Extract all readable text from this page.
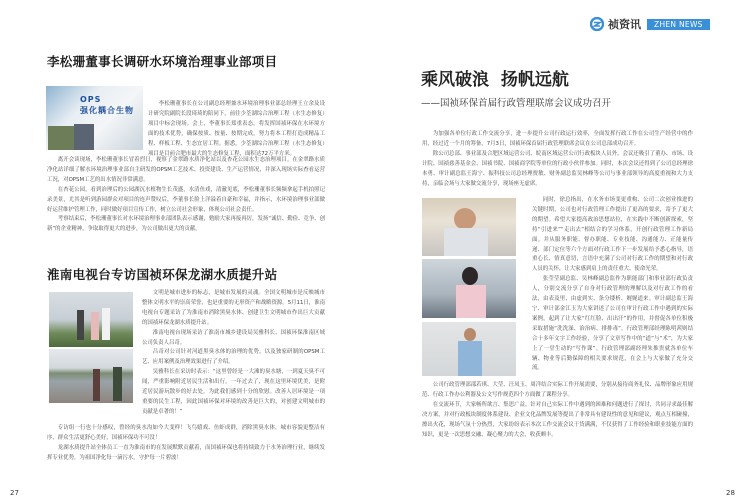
李松珊董事长调研水环境治理事业部项目
OPS 强化耦合生物

李松珊董事长在公司副总经理兼水环境治理事业部总经理王立余及设计研究院副院长段琦琦的陪同下，前往少荃湖综合治理工程（水生态修复）项目中标会现场。会上，李董事长郑重表态，将发挥国祯环保在水环境方面的技术优势，确保按质、按量、按期完成，努力将本工程打造成精品工程、样板工程、生态宜居工程。据悉，少荃湖综合治理工程（水生态修复）项目是目前合肥市最大的生态修复工程，面积达72万平方米。

离开会谈现场，李松珊董事长冒着烈日，视察了金翠路水质净化站以及杏花公园水生态治理项目。在金翠路水质净化站详细了解水环境治理事业部自主研发的OPSM工艺技术、投资建设、生产运营情况，并深入现场实际查看运营工况，对OPSM工艺的出水情况非常满意。

在杏花公园，看到治理后的公园湖沉水植物生长茂盛，水清鱼戏，清澈见底，李松珊董事长频频拿起手机拍照记录美景，尤其是听到游园群众对项目的连声赞叹后，李董事长脸上洋溢着自豪和幸福，并指示，水环境治理事业部做好运营维护管理工作，同时做好项目宣传工作，树立公司社会形象，体现公司社会责任。

考察结束后，李松珊董事长对水环境治理事业部团队表示感谢，勉励大家再接再厉，发扬“诚信、勤俭、竞争、创新”的企业精神，争取取得更大的进步，为公司做出更大的贡献。

淮南电视台专访国祯环保龙湖水质提升站

文明是城市进步的标志，是城市发展的灵魂。全国文明城市是反映城市整体文明水平的崇高荣誉，也是重要的无形资产和战略资源。5月11日，淮南电视台专题采访了为淮南市消除黑臭水体、创建卫生文明城市作出巨大贡献的国祯环保龙湖水质提升站。

淮南电视台现场采访了淮南市城乡建设局吴雅科长、国祯环保淮南区域公司负责人吕奇。

吕奇对公司针对河道黑臭水体的治理的优势，以及独家研制的OPSM工艺、应用案例及治理效果进行了介绍。

吴雅科长在采访时表示：“这里曾经是一大滩的臭水塘，一到夏天臭不可闻，严重影响附近居民生活和出行。一年过去了，现在这里环境优美，是附近居民游玩散步的好去处。为此我们感到十分的欣慰。改善人居环境是一项重要的民生工程，因此国祯环保对环境的改善是巨大的，对创建文明城市的贡献是卓著的！”

专访组一行也十分感叹，曾经的臭水沟如今大变样！飞鸟嬉戏、鱼虾成群，消除黑臭水体，城市容貌更整洁有序，群众生活更舒心美好，国祯环保功不可没！

龙湖水质提升站全体员工一直为淮南市的在发展默默贡献着，而国祯环保也将持续致力于水务治理行业，继续发挥专业优势，为祖国净化每一滴污水，守护每一片碧波！

27
祯资讯	ZHEN NEWS
乘风破浪  扬帆远航
——国祯环保首届行政管理联席会议成功召开

为加强各单位行政工作交流分享，进一步提升公司行政运行效率，全面发挥行政工作在公司生产经营中的作用，经过近一个月的筹备，7月3日，国祯环保首届行政管理联席会议在公司总部成功召开。

除公司总部、事业部及合肥区域运营公司、皖南区域运营公司行政板块人员外，会议还吸引了董办、市场、设计院、国祯慈善基金会、国祯书院、国祯商学院等单位的行政小伙伴参加。同时，本次会议还得到了公司总经理徐本勇、审计副总监王海宁、振科技公司总经理贾敏、财务副总监吴林峰等公司与事业部领导的高度重视和大力支持，亲临会场与大家做交流分享，现场座无虚席。

同时，徐总指出，在水务市场变更重构、公司二次创业推进的关键时期，公司也对行政管理工作提出了更高的要求，寄予了更大的期望。希望大家提高政治思想站位，在实践中不断创新探索，坚持“引进来”“走出去”相结合的学习体系，开创行政管理工作新局面。并从服务职能、督办职能、专业技能、沟通能力、正能量传递、部门定位等六个方面对行政工作下一步发展给予悉心指导，语重心长、情真意切，言语中充满了公司对行政工作的期望和对行政人员的关怀，让大家感到肩上的责任重大、使命光荣。

张莹莹副总监、吴林峰副总监作为职能部门和事业部行政负责人，分别交流分享了自身对行政管理的理解以及对行政工作的看法，由表及里、由虚到实、条分缕析、娓娓道来。审计副总监王海宁、审计部金江玉为大家讲述了公司在审计行政工作中遇到的实际案例，起到了让大家“红红脸、出出汗”的作用，并督促各单位积极采取措施“洗洗澡、治治病、排排毒”。行政管理部经理陈明茜则结合十多年文字工作经验，分享了文章写作中的“道”与“术”，为大家上了一堂生动的“写作课”。行政管理部副经理朱推贵就各单位车辆、物业等后勤保障的相关要求规范，在会上与大家做了充分交流。

公司行政管理部邵若琪、大莹、汪凤玉、周洋结合实际工作开展需要，分别从接待商务礼仪、品牌形象应用规范、行政工作办公利器及公文写作规范四个方面做了课程分享。

在交流环节，大家畅所欲言、集思广益，针对自己实际工作中遇到的困难和问题进行了探讨，共同寻求最佳解决方案，并对行政板块制度体系建设、企业文化品牌发展等提出了非常具有建设性的意见和建议，观点互相碰撞，擦出火花，现场气氛十分热烈，大家纷纷表示本次工作交流会议干货满满，不仅获得了工作经验和职业技能方面的知识，更是一次思想交融、凝心聚力的大会，收获颇丰。

28
